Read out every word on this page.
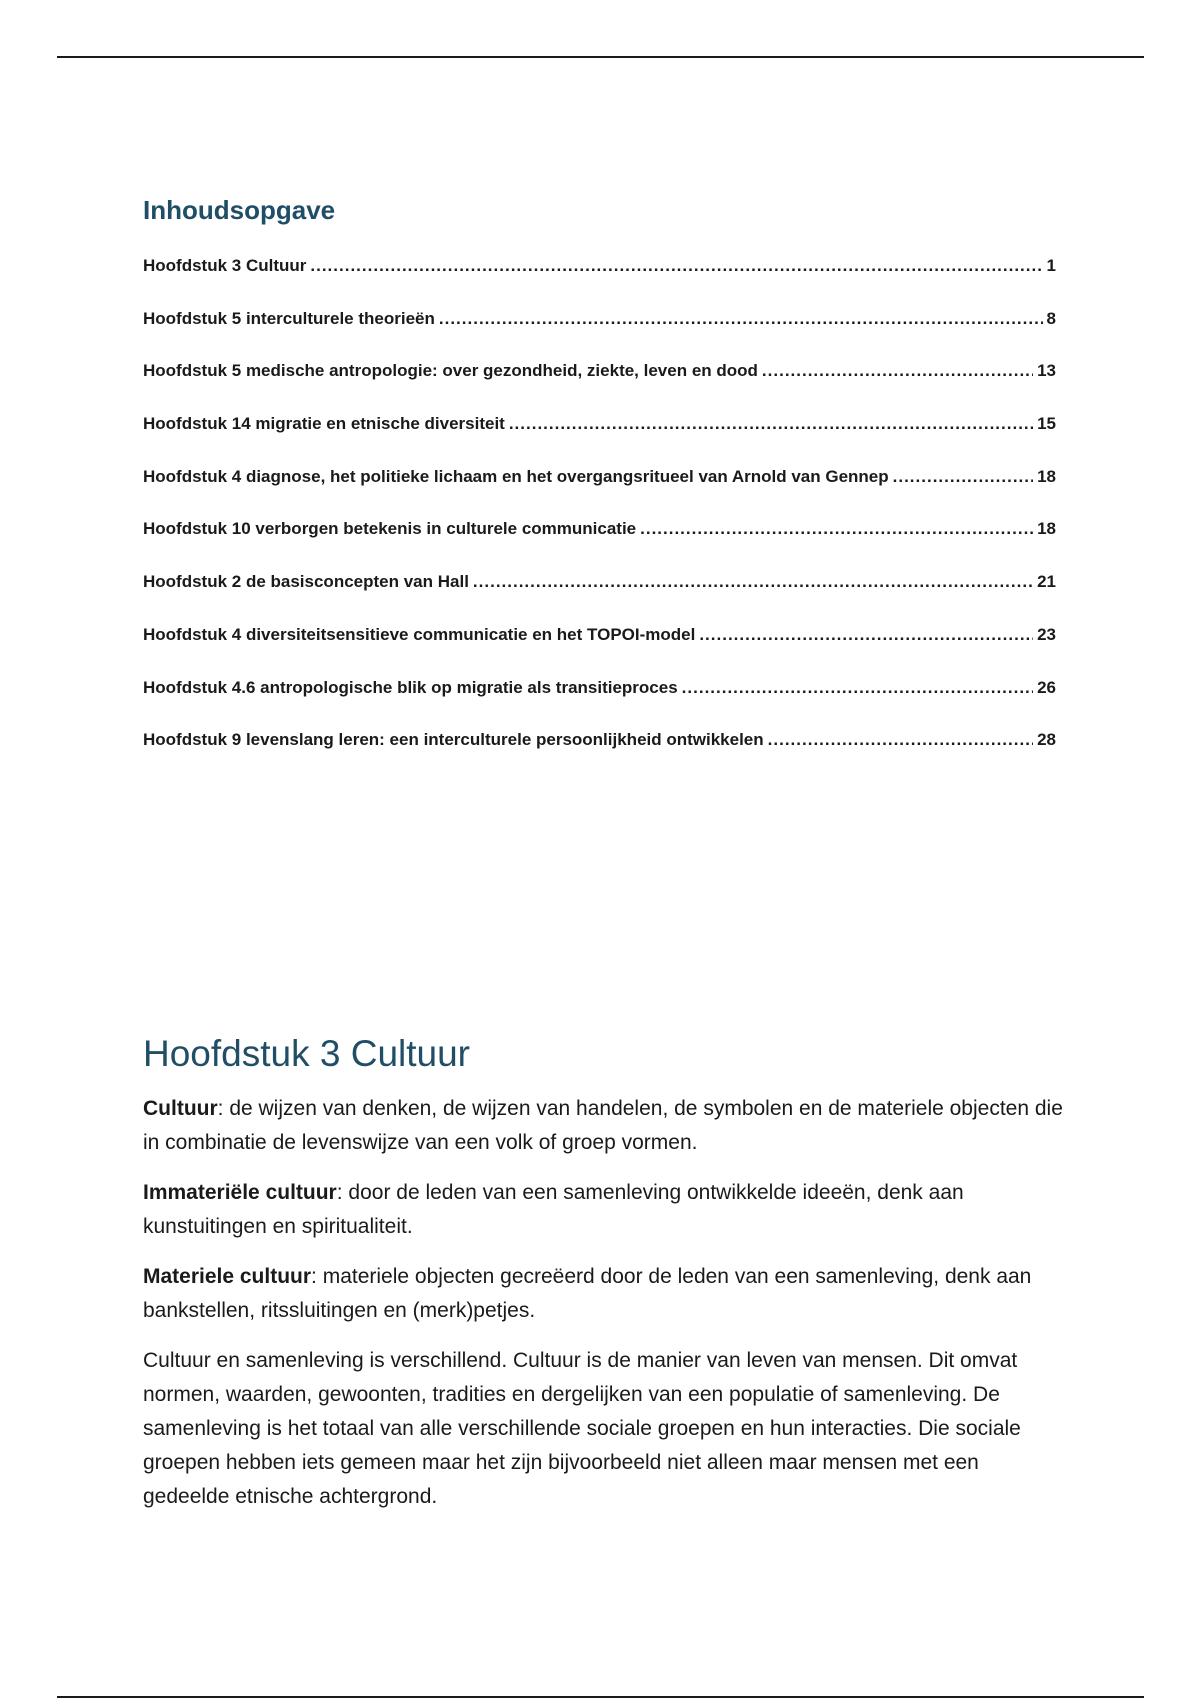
Inhoudsopgave
Hoofdstuk 3 Cultuur .....	1
Hoofdstuk 5 interculturele theorieën .....	8
Hoofdstuk 5 medische antropologie: over gezondheid, ziekte, leven en dood .....	13
Hoofdstuk 14 migratie en etnische diversiteit .....	15
Hoofdstuk 4 diagnose, het politieke lichaam en het overgangsritueel van Arnold van Gennep .....	18
Hoofdstuk 10 verborgen betekenis in culturele communicatie .....	18
Hoofdstuk 2 de basisconcepten van Hall .....	21
Hoofdstuk 4 diversiteitsensitieve communicatie en het TOPOI-model .....	23
Hoofdstuk 4.6 antropologische blik op migratie als transitieproces .....	26
Hoofdstuk 9 levenslang leren: een interculturele persoonlijkheid ontwikkelen .....	28
Hoofdstuk 3 Cultuur

Cultuur: de wijzen van denken, de wijzen van handelen, de symbolen en de materiele objecten die in combinatie de levenswijze van een volk of groep vormen.

Immateriële cultuur: door de leden van een samenleving ontwikkelde ideeën, denk aan kunstuitingen en spiritualiteit.

Materiele cultuur: materiele objecten gecreëerd door de leden van een samenleving, denk aan bankstellen, ritssluitingen en (merk)petjes.

Cultuur en samenleving is verschillend. Cultuur is de manier van leven van mensen. Dit omvat normen, waarden, gewoonten, tradities en dergelijken van een populatie of samenleving. De samenleving is het totaal van alle verschillende sociale groepen en hun interacties. Die sociale groepen hebben iets gemeen maar het zijn bijvoorbeeld niet alleen maar mensen met een gedeelde etnische achtergrond.
